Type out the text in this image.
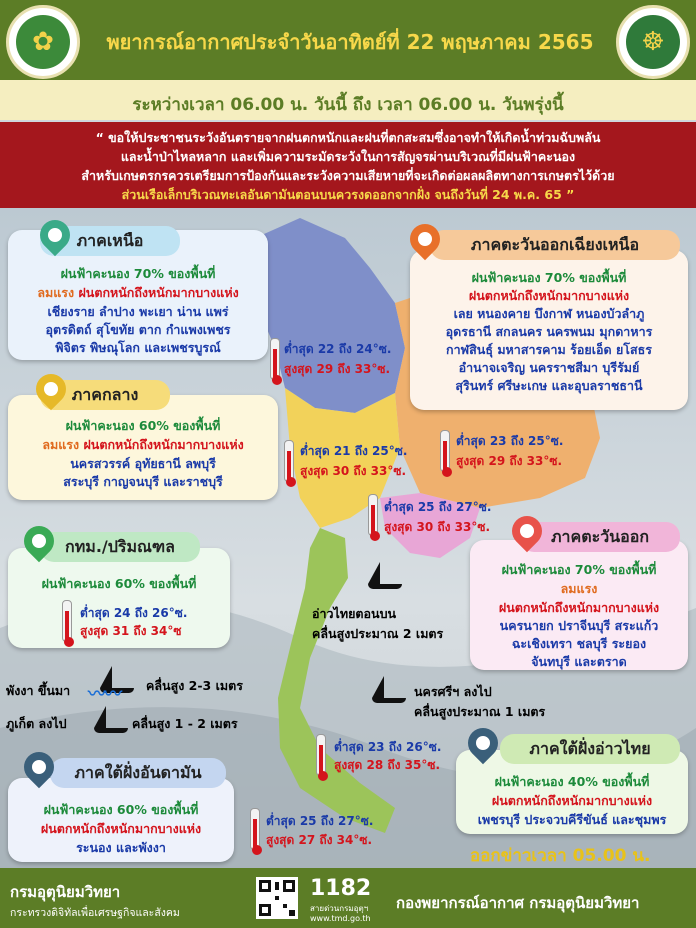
✿	☸
พยากรณ์อากาศประจำวันอาทิตย์ที่ 22 พฤษภาคม 2565
ระหว่างเวลา 06.00 น. วันนี้ ถึง เวลา 06.00 น. วันพรุ่งนี้
“ ขอให้ประชาชนระวังอันตรายจากฝนตกหนักและฝนที่ตกสะสมซึ่งอาจทำให้เกิดน้ำท่วมฉับพลัน
และน้ำป่าไหลหลาก และเพิ่มความระมัดระวังในการสัญจรผ่านบริเวณที่มีฝนฟ้าคะนอง
สำหรับเกษตรกรควรเตรียมการป้องกันและระวังความเสียหายที่จะเกิดต่อผลผลิตทางการเกษตรไว้ด้วย
ส่วนเรือเล็กบริเวณทะเลอันดามันตอนบนควรงดออกจากฝั่ง จนถึงวันที่ 24 พ.ค. 65 ”
ภาคเหนือ
ฝนฟ้าคะนอง 70% ของพื้นที่
ลมแรง ฝนตกหนักถึงหนักมากบางแห่ง
เชียงราย ลำปาง พะเยา น่าน แพร่
อุตรดิตถ์ สุโขทัย ตาก กำแพงเพชร
พิจิตร พิษณุโลก และเพชรบูรณ์	ต่ำสุด 22 ถึง 24°ซ.
สูงสุด 29 ถึง 33°ซ.
ภาคตะวันออกเฉียงเหนือ
ฝนฟ้าคะนอง 70% ของพื้นที่
ฝนตกหนักถึงหนักมากบางแห่ง
เลย หนองคาย บึงกาฬ หนองบัวลำภู
อุดรธานี สกลนคร นครพนม มุกดาหาร
กาฬสินธุ์ มหาสารคาม ร้อยเอ็ด ยโสธร
อำนาจเจริญ นครราชสีมา บุรีรัมย์
สุรินทร์ ศรีษะเกษ และอุบลราชธานี
ต่ำสุด 23 ถึง 25°ซ.
สูงสุด 29 ถึง 33°ซ.
ภาคกลาง
ฝนฟ้าคะนอง 60% ของพื้นที่
ลมแรง ฝนตกหนักถึงหนักมากบางแห่ง
นครสวรรค์ อุทัยธานี ลพบุรี
สระบุรี กาญจนบุรี และราชบุรี
ต่ำสุด 21 ถึง 25°ซ.
สูงสุด 30 ถึง 33°ซ.
ต่ำสุด 25 ถึง 27°ซ.
สูงสุด 30 ถึง 33°ซ.	ภาคตะวันออก
ฝนฟ้าคะนอง 70% ของพื้นที่
ลมแรง
ฝนตกหนักถึงหนักมากบางแห่ง
นครนายก ปราจีนบุรี สระแก้ว
ฉะเชิงเทรา ชลบุรี ระยอง
จันทบุรี และตราด
กทม./ปริมณฑล
ฝนฟ้าคะนอง 60% ของพื้นที่
ต่ำสุด 24 ถึง 26°ซ.
สูงสุด 31 ถึง 34°ซ
อ่าวไทยตอนบน
คลื่นสูงประมาณ 2 เมตร
นครศรีฯ ลงไป
คลื่นสูงประมาณ 1 เมตร
พังงา ขึ้นมา 〰〰 คลื่นสูง 2-3 เมตร
ภูเก็ต ลงไป	คลื่นสูง 1 - 2 เมตร
ต่ำสุด 23 ถึง 26°ซ.
สูงสุด 28 ถึง 35°ซ.
ภาคใต้ฝั่งอ่าวไทย
ฝนฟ้าคะนอง 40% ของพื้นที่
ฝนตกหนักถึงหนักมากบางแห่ง
เพชรบุรี ประจวบคีรีขันธ์ และชุมพร
ภาคใต้ฝั่งอันดามัน
ฝนฟ้าคะนอง 60% ของพื้นที่
ฝนตกหนักถึงหนักมากบางแห่ง
ระนอง และพังงา
ต่ำสุด 25 ถึง 27°ซ.
สูงสุด 27 ถึง 34°ซ.
ออกข่าวเวลา 05.00 น.
กรมอุตุนิยมวิทยา
กระทรวงดิจิทัลเพื่อเศรษฐกิจและสังคม
1182
สายด่วนกรมอุตุฯ
www.tmd.go.th
กองพยากรณ์อากาศ กรมอุตุนิยมวิทยา
